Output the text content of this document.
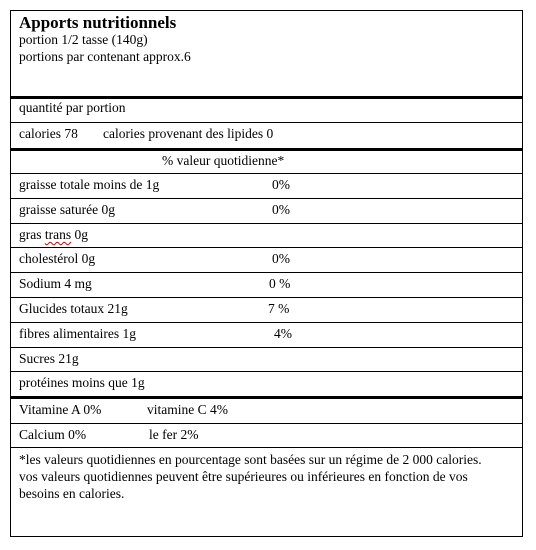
Apports nutritionnels
portion 1/2 tasse (140g)
portions par contenant approx.6
quantité par portion
calories 78 calories provenant des lipides 0
% valeur quotidienne*
graisse totale moins de 1g	0%
graisse saturée 0g	0%
gras trans 0g
cholestérol 0g	0%
Sodium 4 mg	0 %
Glucides totaux 21g	7 %
fibres alimentaires 1g	4%
Sucres 21g
protéines moins que 1g
Vitamine A 0%	vitamine C 4%
Calcium 0%	le fer 2%
*les valeurs quotidiennes en pourcentage sont basées sur un régime de 2 000 calories. vos valeurs quotidiennes peuvent être supérieures ou inférieures en fonction de vos besoins en calories.
